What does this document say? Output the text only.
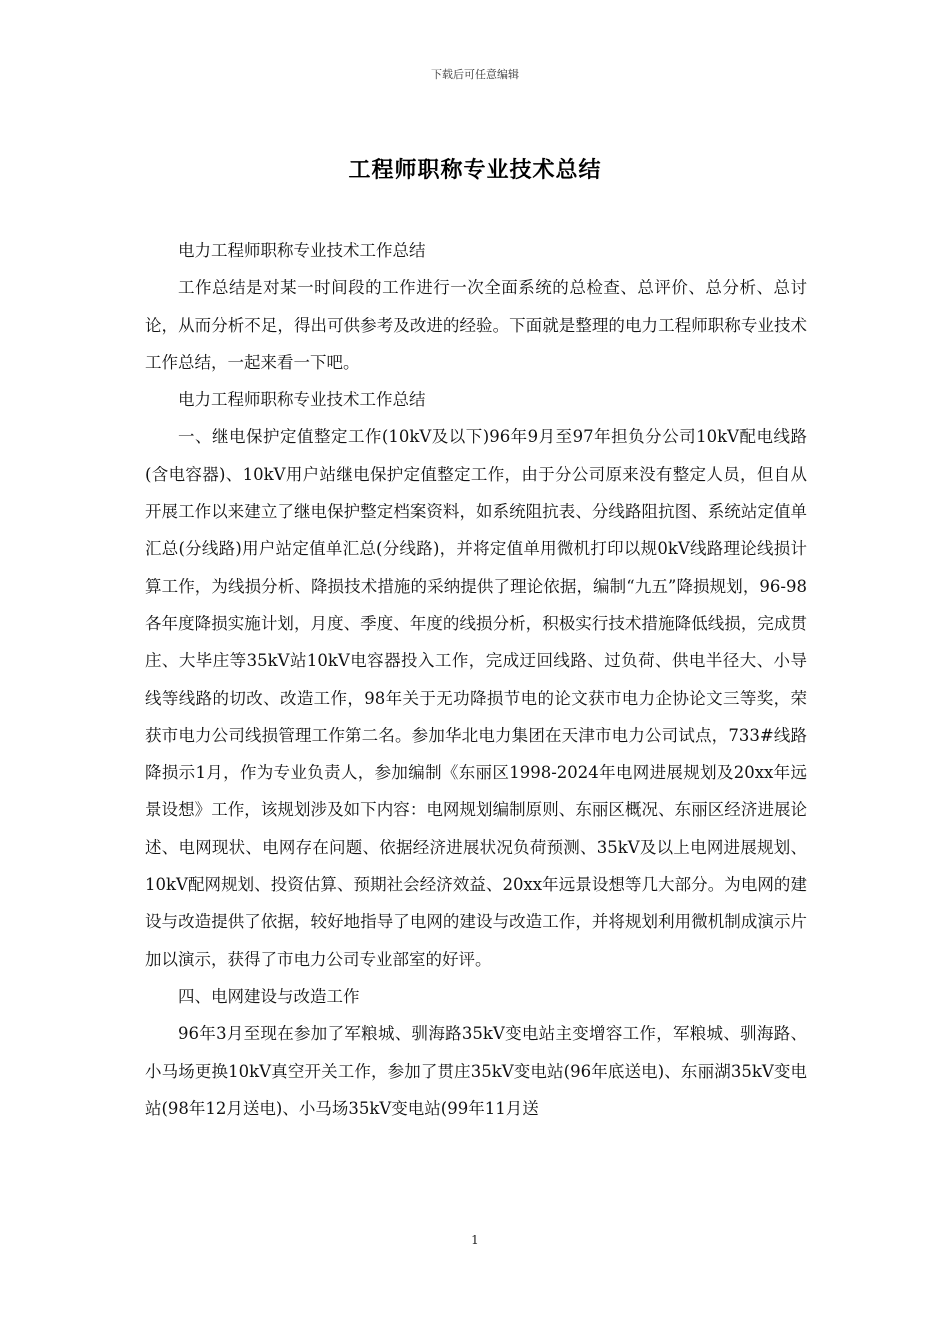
下载后可任意编辑
工程师职称专业技术总结

电力工程师职称专业技术工作总结

工作总结是对某一时间段的工作进行一次全面系统的总检查、总评价、总分析、总讨论，从而分析不足，得出可供参考及改进的经验。下面就是整理的电力工程师职称专业技术工作总结，一起来看一下吧。

电力工程师职称专业技术工作总结

一、继电保护定值整定工作(10kV及以下)96年9月至97年担负分公司10kV配电线路(含电容器)、10kV用户站继电保护定值整定工作，由于分公司原来没有整定人员，但自从开展工作以来建立了继电保护整定档案资料，如系统阻抗表、分线路阻抗图、系统站定值单汇总(分线路)用户站定值单汇总(分线路)，并将定值单用微机打印以规0kV线路理论线损计算工作，为线损分析、降损技术措施的采纳提供了理论依据，编制“九五”降损规划，96-98各年度降损实施计划，月度、季度、年度的线损分析，积极实行技术措施降低线损，完成贯庄、大毕庄等35kV站10kV电容器投入工作，完成迂回线路、过负荷、供电半径大、小导线等线路的切改、改造工作，98年关于无功降损节电的论文获市电力企协论文三等奖，荣获市电力公司线损管理工作第二名。参加华北电力集团在天津市电力公司试点，733#线路降损示1月，作为专业负责人，参加编制《东丽区1998-2024年电网进展规划及20xx年远景设想》工作，该规划涉及如下内容：电网规划编制原则、东丽区概况、东丽区经济进展论述、电网现状、电网存在问题、依据经济进展状况负荷预测、35kV及以上电网进展规划、10kV配网规划、投资估算、预期社会经济效益、20xx年远景设想等几大部分。为电网的建设与改造提供了依据，较好地指导了电网的建设与改造工作，并将规划利用微机制成演示片加以演示，获得了市电力公司专业部室的好评。

四、电网建设与改造工作

96年3月至现在参加了军粮城、驯海路35kV变电站主变增容工作，军粮城、驯海路、小马场更换10kV真空开关工作，参加了贯庄35kV变电站(96年底送电)、东丽湖35kV变电站(98年12月送电)、小马场35kV变电站(99年11月送

1
